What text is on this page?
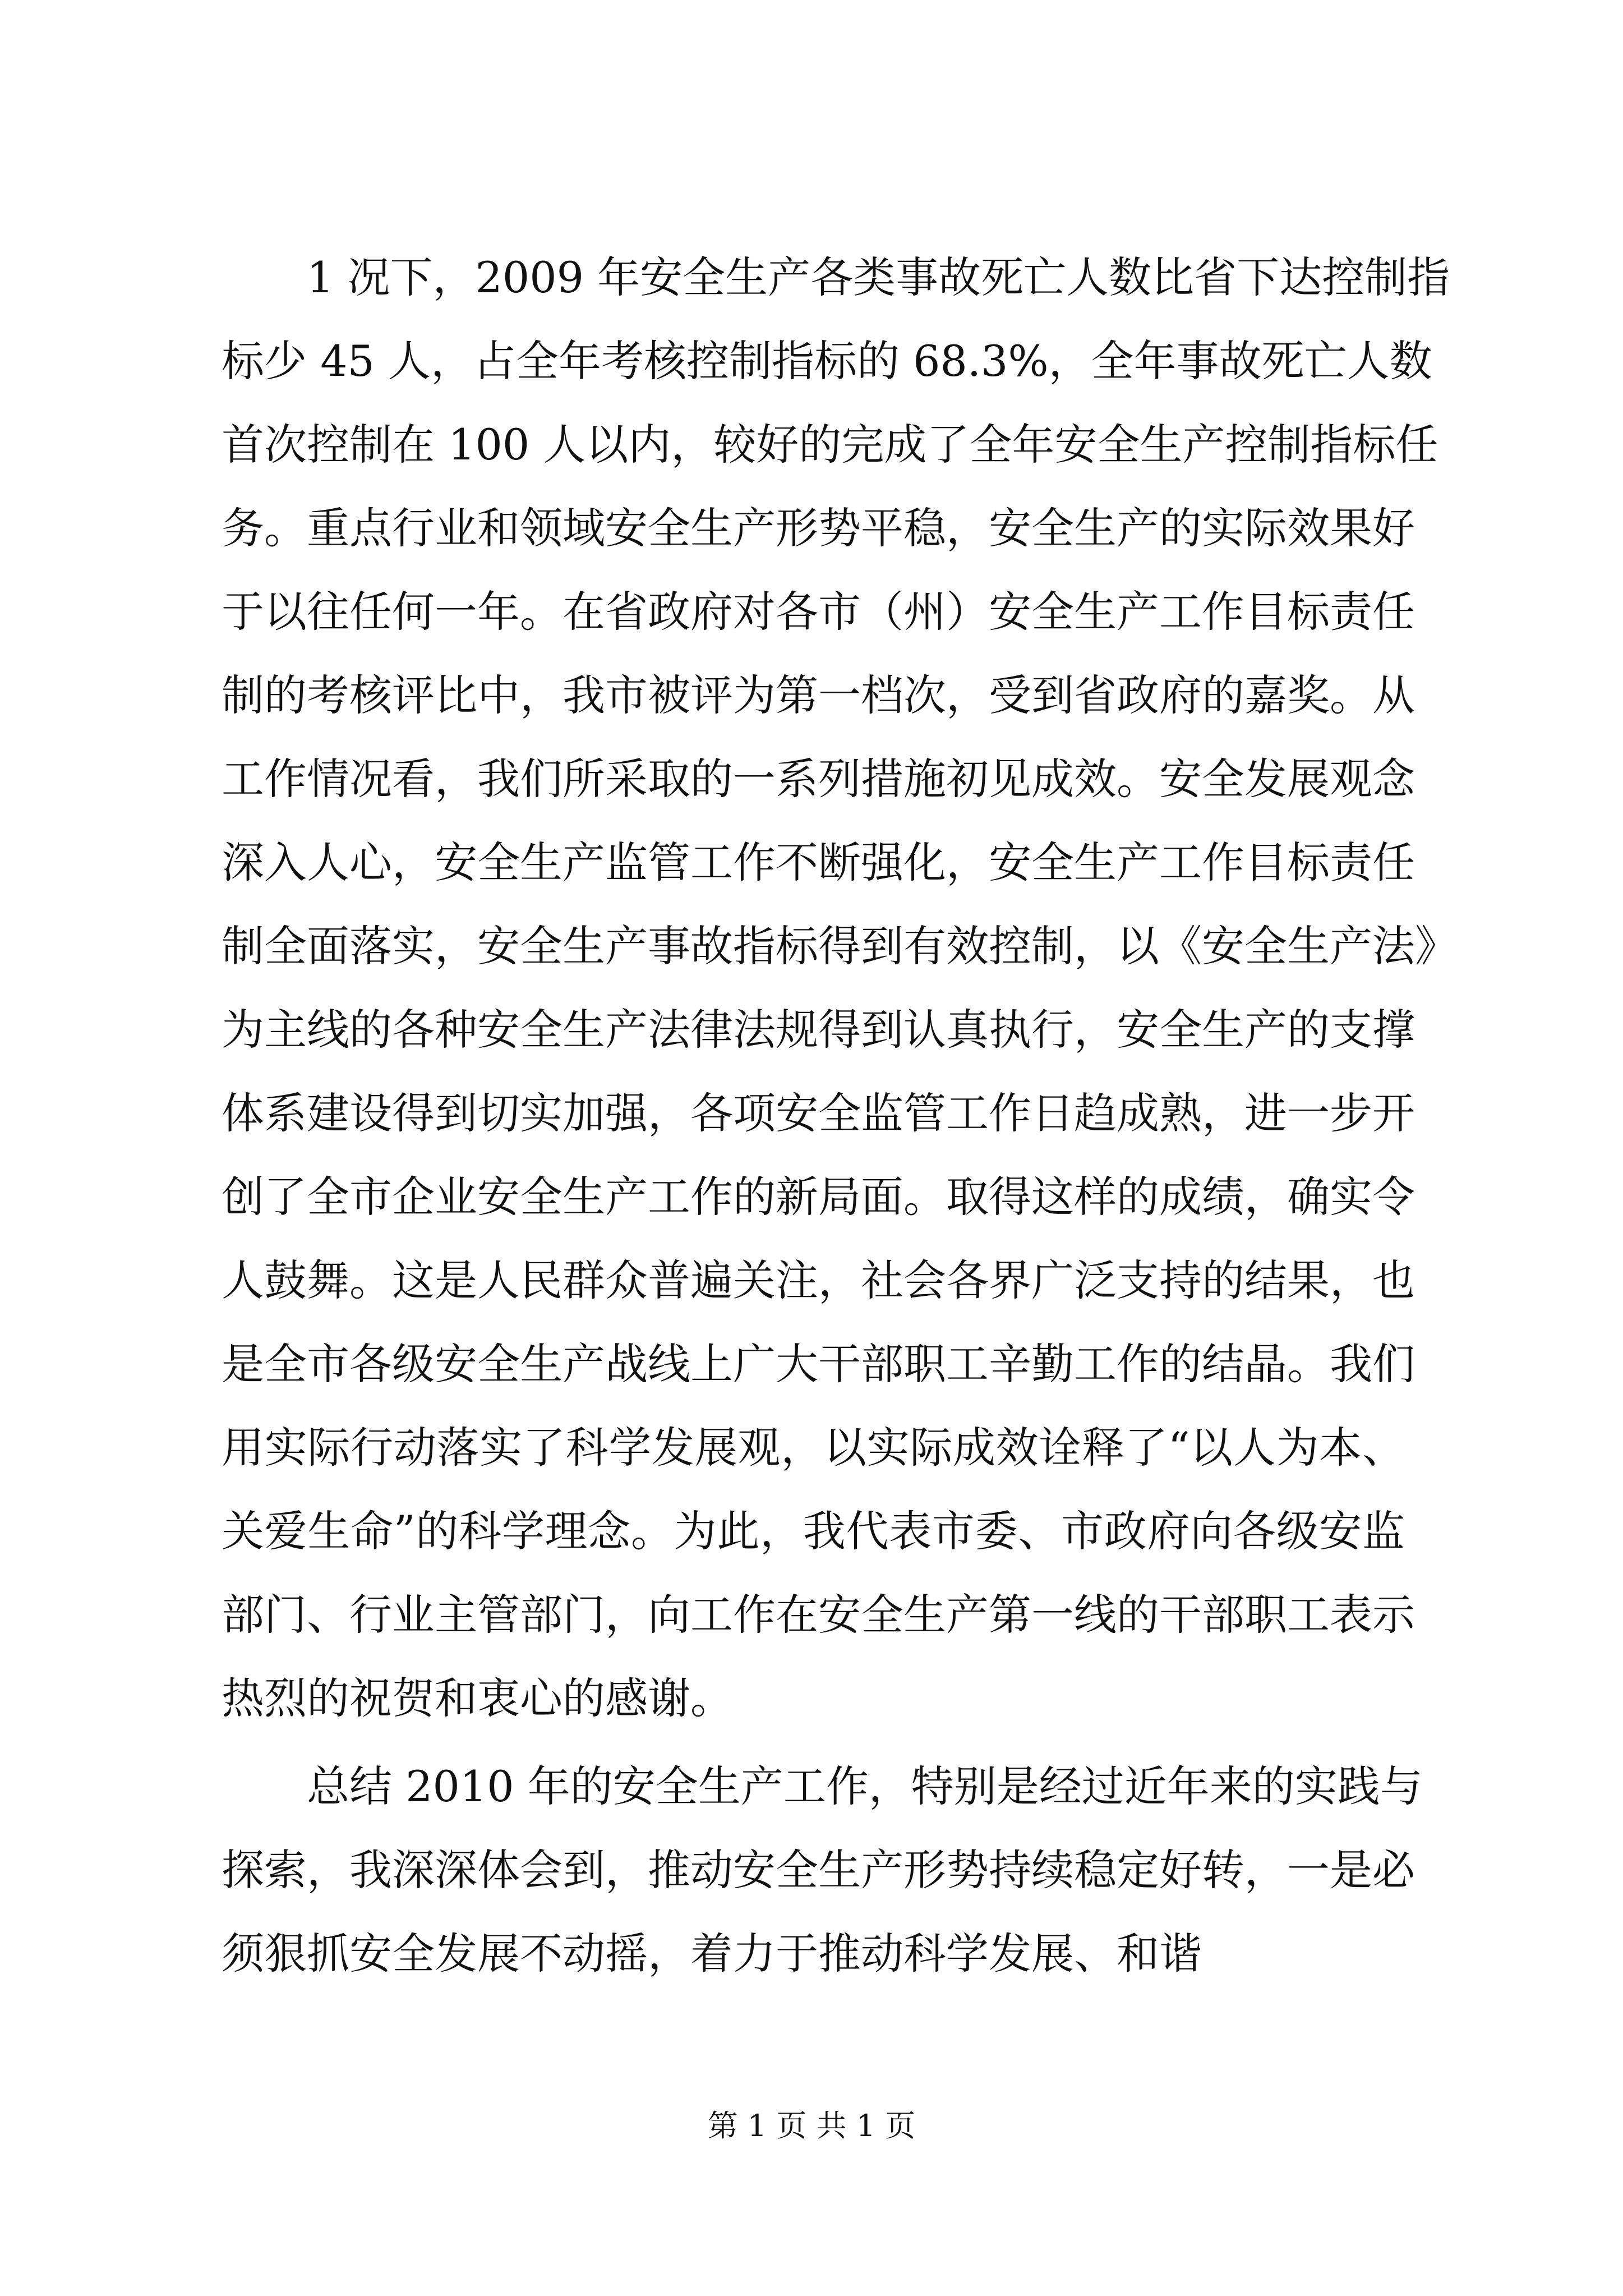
1 况下，2009 年安全生产各类事故死亡人数比省下达控制指
标少 45 人，占全年考核控制指标的 68.3%，全年事故死亡人数
首次控制在 100 人以内，较好的完成了全年安全生产控制指标任
务。重点行业和领域安全生产形势平稳，安全生产的实际效果好
于以往任何一年。在省政府对各市（州）安全生产工作目标责任
制的考核评比中，我市被评为第一档次，受到省政府的嘉奖。从
工作情况看，我们所采取的一系列措施初见成效。安全发展观念
深入人心，安全生产监管工作不断强化，安全生产工作目标责任
制全面落实，安全生产事故指标得到有效控制，以《安全生产法》
为主线的各种安全生产法律法规得到认真执行，安全生产的支撑
体系建设得到切实加强，各项安全监管工作日趋成熟，进一步开
创了全市企业安全生产工作的新局面。取得这样的成绩，确实令
人鼓舞。这是人民群众普遍关注，社会各界广泛支持的结果，也
是全市各级安全生产战线上广大干部职工辛勤工作的结晶。我们
用实际行动落实了科学发展观，以实际成效诠释了“以人为本、
关爱生命”的科学理念。为此，我代表市委、市政府向各级安监
部门、行业主管部门，向工作在安全生产第一线的干部职工表示
热烈的祝贺和衷心的感谢。
总结 2010 年的安全生产工作，特别是经过近年来的实践与
探索，我深深体会到，推动安全生产形势持续稳定好转，一是必
须狠抓安全发展不动摇，着力于推动科学发展、和谐
第 1 页 共 1 页
